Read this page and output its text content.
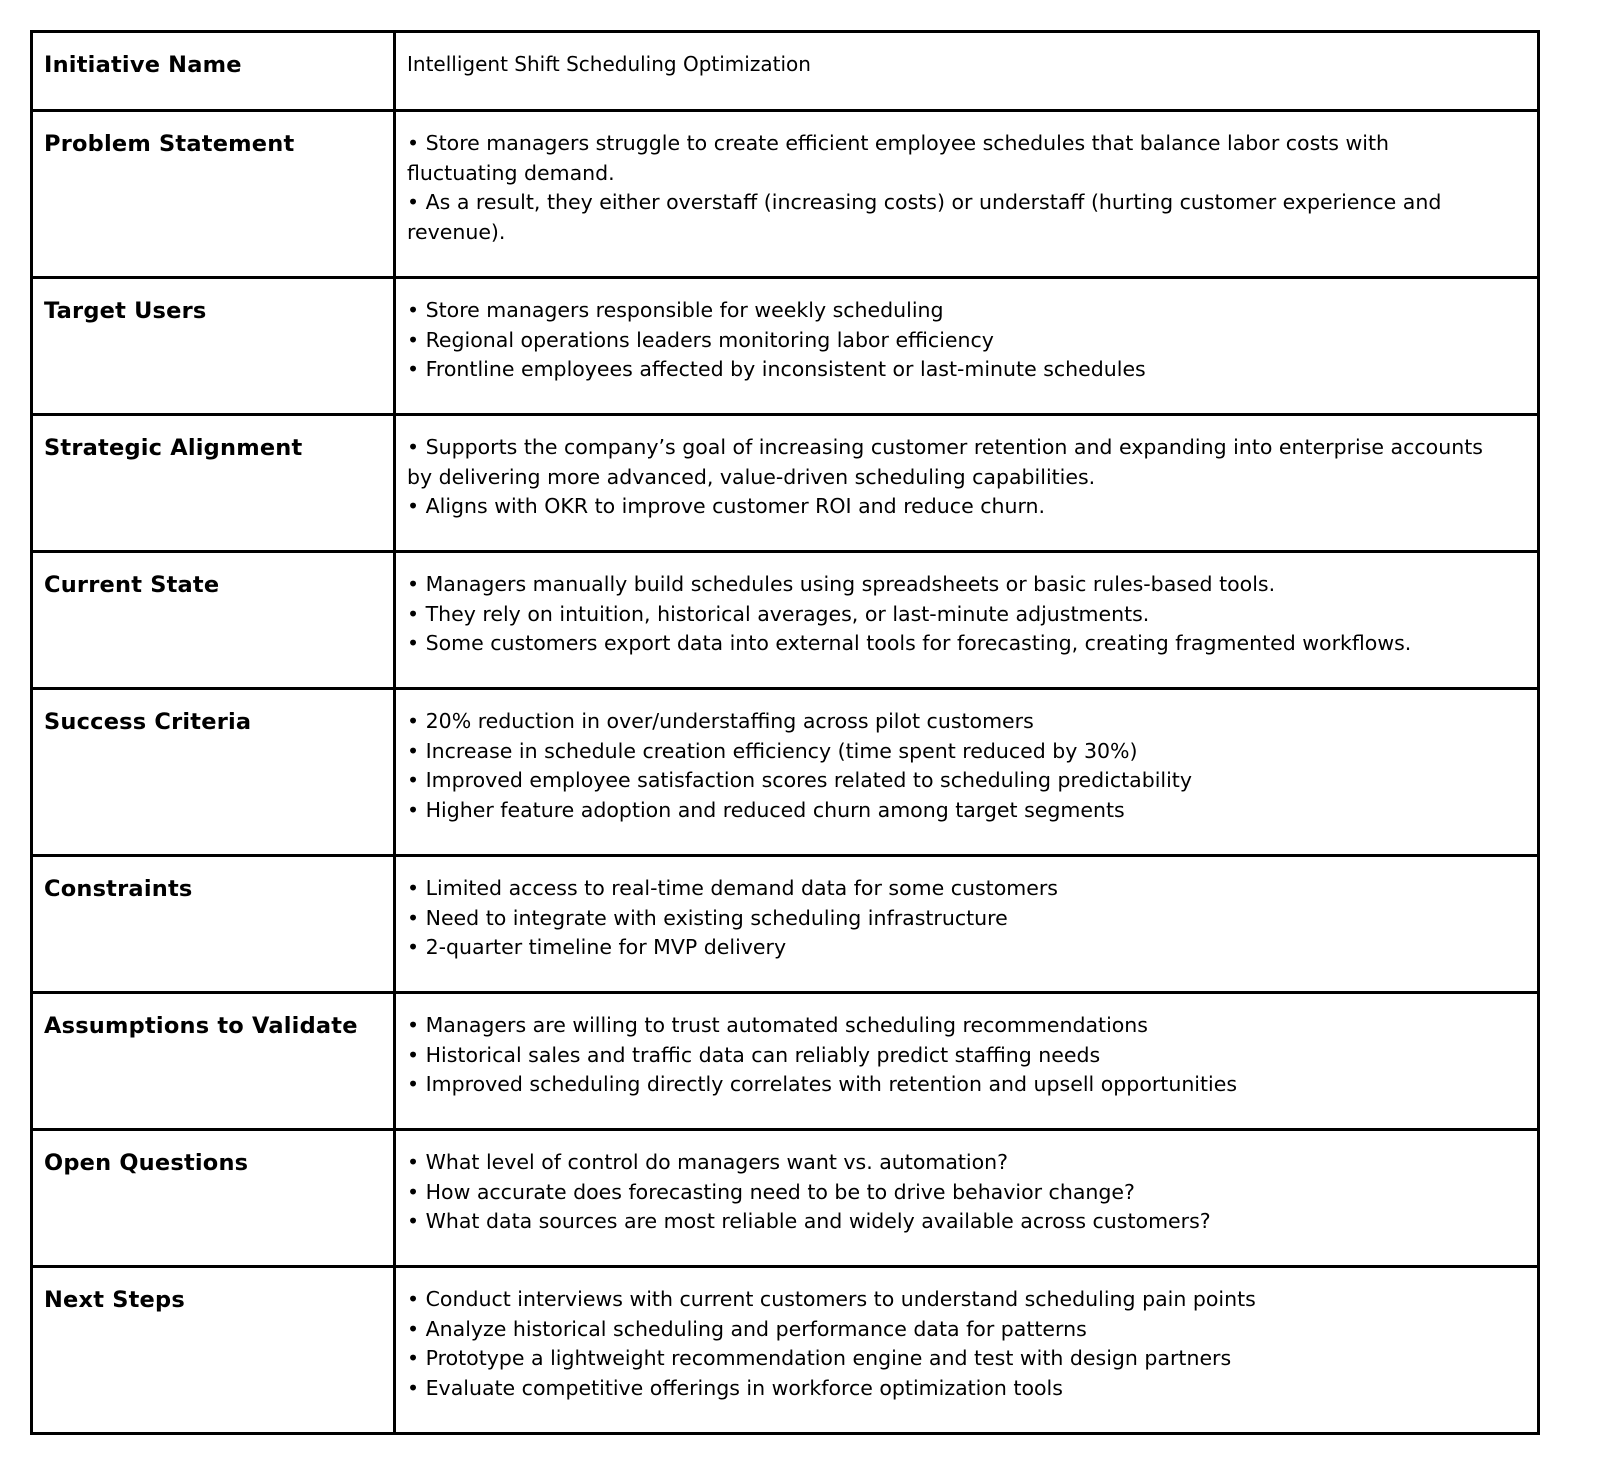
Initiative Name	Intelligent Shift Scheduling Optimization

Problem Statement	• Store managers struggle to create efficient employee schedules that balance labor costs with fluctuating demand.
• As a result, they either overstaff (increasing costs) or understaff (hurting customer experience and revenue).

Target Users	• Store managers responsible for weekly scheduling
• Regional operations leaders monitoring labor efficiency
• Frontline employees affected by inconsistent or last-minute schedules

Strategic Alignment	• Supports the company’s goal of increasing customer retention and expanding into enterprise accounts by delivering more advanced, value-driven scheduling capabilities.
• Aligns with OKR to improve customer ROI and reduce churn.

Current State	• Managers manually build schedules using spreadsheets or basic rules-based tools.
• They rely on intuition, historical averages, or last-minute adjustments.
• Some customers export data into external tools for forecasting, creating fragmented workflows.

Success Criteria	• 20% reduction in over/understaffing across pilot customers
• Increase in schedule creation efficiency (time spent reduced by 30%)
• Improved employee satisfaction scores related to scheduling predictability
• Higher feature adoption and reduced churn among target segments

Constraints	• Limited access to real-time demand data for some customers
• Need to integrate with existing scheduling infrastructure
• 2-quarter timeline for MVP delivery

Assumptions to Validate	• Managers are willing to trust automated scheduling recommendations
• Historical sales and traffic data can reliably predict staffing needs
• Improved scheduling directly correlates with retention and upsell opportunities

Open Questions	• What level of control do managers want vs. automation?
• How accurate does forecasting need to be to drive behavior change?
• What data sources are most reliable and widely available across customers?

Next Steps	• Conduct interviews with current customers to understand scheduling pain points
• Analyze historical scheduling and performance data for patterns
• Prototype a lightweight recommendation engine and test with design partners
• Evaluate competitive offerings in workforce optimization tools
